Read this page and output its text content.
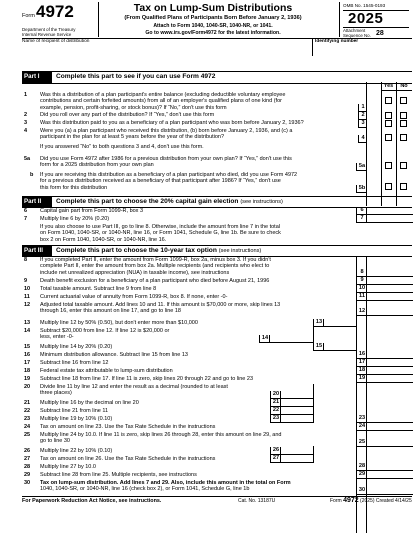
Form 4972
Department of the Treasury
Internal Revenue Service
Tax on Lump-Sum Distributions
(From Qualified Plans of Participants Born Before January 2, 1936)
Attach to Form 1040, 1040-SR, 1040-NR, or 1041.
Go to www.irs.gov/Form4972 for the latest information.
OMB No. 1545-0193
2025
Attachment
Sequence No. 28
Name of recipient of distribution	Identifying number
Part I	Complete this part to see if you can use Form 4972
Yes	No
1 Was this a distribution of a plan participant's entire balance (excluding deductible voluntary employee
contributions and certain forfeited amounts) from all of an employer's qualified plans of one kind (for
example, pension, profit-sharing, or stock bonus)? If “No,” don't use this form	1
2 Did you roll over any part of the distribution? If “Yes,” don't use this form	2
3 Was this distribution paid to you as a beneficiary of a plan participant who was born before January 2, 1936?	3
4 Were you (a) a plan participant who received this distribution, (b) born before January 2, 1936, and (c) a
participant in the plan for at least 5 years before the year of the distribution?	4
If you answered “No” to both questions 3 and 4, don't use this form.
5a Did you use Form 4972 after 1986 for a previous distribution from your own plan? If “Yes,” don't use this
form for a 2025 distribution from your own plan	5a
b If you are receiving this distribution as a beneficiary of a plan participant who died, did you use Form 4972
for a previous distribution received as a beneficiary of that participant after 1986? If “Yes,” don't use
this form for this distribution	5b
Part II	Complete this part to choose the 20% capital gain election (see instructions)
6 Capital gain part from Form 1099-R, box 3	6
7 Multiply line 6 by 20% (0.20)	7
If you also choose to use Part III, go to line 8. Otherwise, include the amount from line 7 in the total
on Form 1040, 1040-SR, or 1040-NR, line 16, or Form 1041, Schedule G, line 1b. Be sure to check
box 2 on Form 1040, 1040-SR, or 1040-NR, line 16.
Part III	Complete this part to choose the 10-year tax option (see instructions)
8 If you completed Part II, enter the amount from Form 1099-R, box 2a, minus box 3. If you didn't
complete Part II, enter the amount from box 2a. Multiple recipients (and recipients who elect to
include net unrealized appreciation (NUA) in taxable income), see instructions	8
9 Death benefit exclusion for a beneficiary of a plan participant who died before August 21, 1996	9
10 Total taxable amount. Subtract line 9 from line 8	10
11 Current actuarial value of annuity from Form 1099-R, box 8. If none, enter -0-	11
12 Adjusted total taxable amount. Add lines 10 and 11. If this amount is $70,000 or more, skip lines 13
through 16, enter this amount on line 17, and go to line 18	12
13 Multiply line 12 by 50% (0.50), but don't enter more than $10,000	13
14 Subtract $20,000 from line 12. If line 12 is $20,000 or
less, enter -0-	14
15 Multiply line 14 by 20% (0.20)	15
16 Minimum distribution allowance. Subtract line 15 from line 13	16
17 Subtract line 16 from line 12	17
18 Federal estate tax attributable to lump-sum distribution	18
19 Subtract line 18 from line 17. If line 11 is zero, skip lines 20 through 22 and go to line 23	19
20 Divide line 11 by line 12 and enter the result as a decimal (rounded to at least
three places)	20
21 Multiply line 16 by the decimal on line 20	21
22 Subtract line 21 from line 11	22
23 Multiply line 19 by 10% (0.10)	23	23
24 Tax on amount on line 23. Use the Tax Rate Schedule in the instructions	24
25 Multiply line 24 by 10.0. If line 11 is zero, skip lines 26 through 28, enter this amount on line 29, and
go to line 30	25
26 Multiply line 22 by 10% (0.10)	26
27 Tax on amount on line 26. Use the Tax Rate Schedule in the instructions	27
28 Multiply line 27 by 10.0	28
29 Subtract line 28 from line 25. Multiple recipients, see instructions	29
30 Tax on lump-sum distribution. Add lines 7 and 29. Also, include this amount in the total on Form
1040, 1040-SR, or 1040-NR, line 16 (check box 2), or Form 1041, Schedule G, line 1b	30
For Paperwork Reduction Act Notice, see instructions.	Cat. No. 13187U	Form 4972 (2025) Created 4/14/25
